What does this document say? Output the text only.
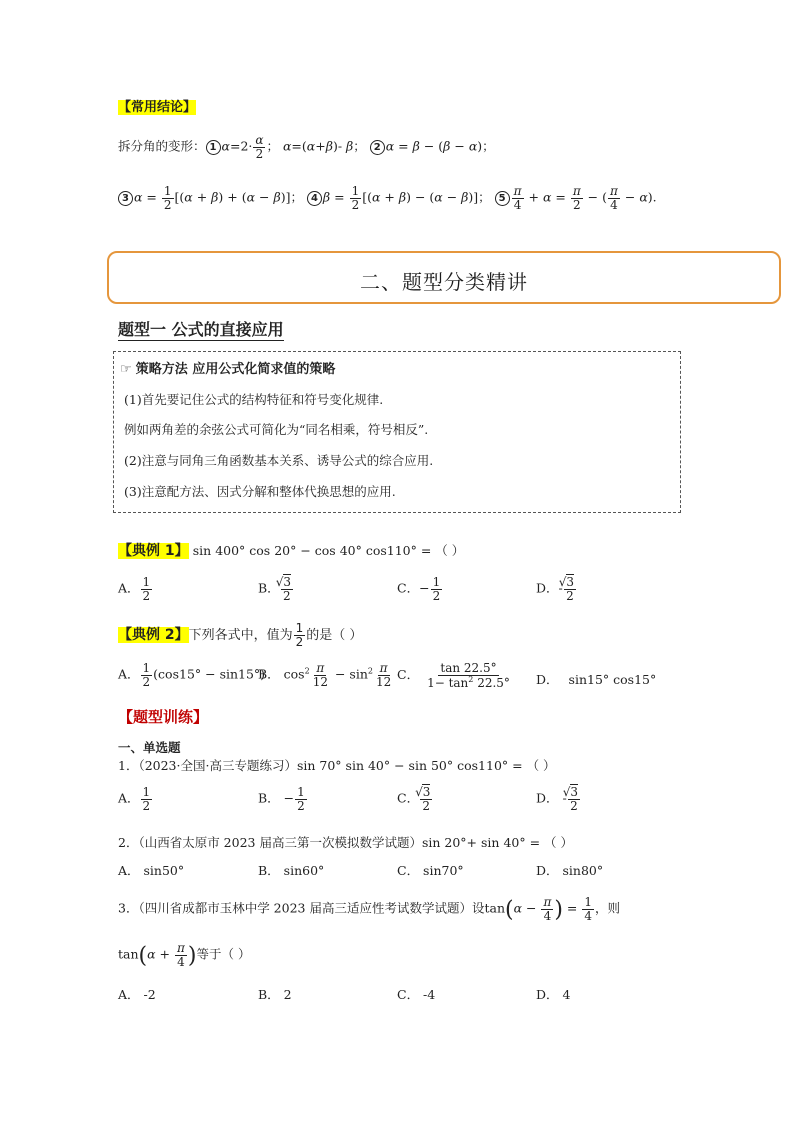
【常用结论】
拆分角的变形： 1 $\alpha=2\cdot \frac{\alpha}{2}$ ； α=(α+β)- β； 2 α = β − (β − α)；
3 $\alpha = \frac{1}{2} [(\alpha + \beta) + (\alpha - \beta)]$； 4 $\beta = \frac{1}{2} [(\alpha + \beta) - (\alpha - \beta)]$； $5 \frac{\pi}{4} + \alpha = \frac{\pi}{2}$ − ( $\frac{\pi}{4} - \alpha$).
二、题型分类精讲
题型一 公式的直接应用
☞ 策略方法 应用公式化简求值的策略
(1)首先要记住公式的结构特征和符号变化规律.
例如两角差的余弦公式可简化为“同名相乘，符号相反”.
(2)注意与同角三角函数基本关系、诱导公式的综合应用.
(3)注意配方法、因式分解和整体代换思想的应用.
【典例 1】 sin 400° cos 20° − cos 40° cos110° = （ ）
A． $\frac{1}{2}$	B． √ $\frac{3}{2}$	C．− $\frac{1}{2}$	D．- √ $\frac{3}{2}$
【典例 2】下列各式中，值为 $\frac{1}{2}$ 的是（ ）
A． $\frac{1}{2} (\cos 15^\circ - \sin 15^\circ)$
B． $\cos^2 \frac{\pi}{12} - \sin^2 \frac{\pi}{12}$ C． $\frac{\tan 22.5^\circ}{1- \tan^2 22.5^\circ}$ D． sin15° cos15°
【题型训练】
一、单选题
1．（2023·全国·高三专题练习）sin 70° sin 40° − sin 50° cos110° = （ ）
A． $\frac{1}{2}$	B． − $\frac{1}{2}$	C． √ $\frac{3}{2}$	D． - √ $\frac{3}{2}$
2．（山西省太原市 2023 届高三第一次模拟数学试题）sin 20°+ sin 40° = （ ）
A． sin50°	B． sin60°	C． sin70°	D． sin80°
3．（四川省成都市玉林中学 2023 届高三适应性考试数学试题）设$\tan(\alpha - \frac{\pi}{4}$ ) = $\frac{1}{4}$ ，则
$\tan(\alpha + \frac{\pi}{4}$ )等于（ ）
A． -2	B． 2	C． -4	D． 4
